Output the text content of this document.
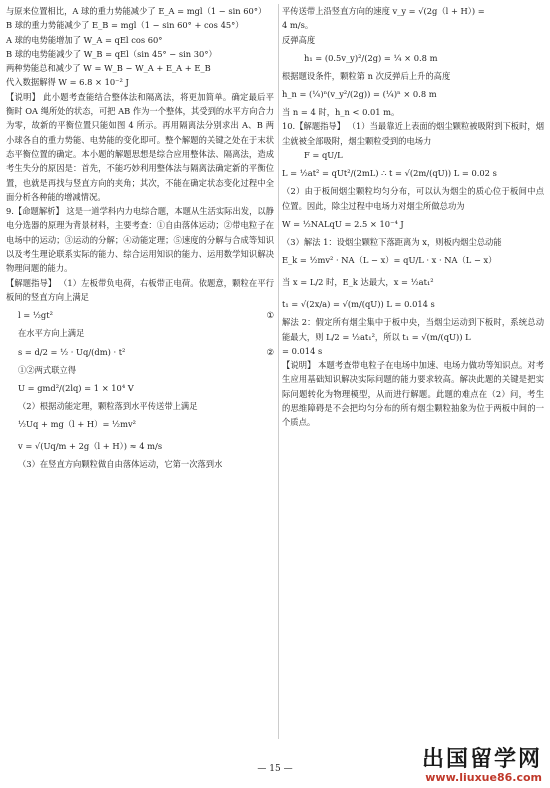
与原来位置相比，A 球的重力势能减少了 E_A = mgl（1 − sin 60°）
B 球的重力势能减少了 E_B = mgl（1 − sin 60° + cos 45°）
A 球的电势能增加了 W_A = qEl cos 60°
B 球的电势能减少了 W_B = qEl（sin 45° − sin 30°）
两种势能总和减少了 W = W_B − W_A + E_A + E_B
代入数据解得 W = 6.8 × 10⁻² J
【说明】 此小题考查能结合整体法和隔离法，将更加简单。确定最后平衡时 OA 绳所处的状态，可把 AB 作为一个整体，其受到的水平方向合力为零，故新的平衡位置只能如图 4 所示。再用隔离法分别求出 A、B 两小球各自的重力势能、电势能的变化即可。整个解题的关键之处在于末状态平衡位置的确定。本小题的解题思想是综合应用整体法、隔离法，造成考生失分的原因是：首先，不能巧妙利用整体法与隔离法确定新的平衡位置，也就是再找与竖直方向的夹角；其次，不能在确定状态变化过程中全面分析各种能的增减情况。
9.【命题解析】 这是一道学科内力电综合题，本题从生活实际出发，以静电分选器的原理为背景材料，主要考查：①自由落体运动；②带电粒子在电场中的运动；③运动的分解；④动能定理；⑤速度的分解与合成等知识以及考生理论联系实际的能力、综合运用知识的能力、运用数学知识解决物理问题的能力。
【解题指导】 （1）左板带负电荷，右板带正电荷。依题意，颗粒在平行板间的竖直方向上满足
l = ½gt²	①
在水平方向上满足
s = d/2 = ½ · Uq/(dm) · t²	②
①②两式联立得
U = gmd²/(2lq) = 1 × 10⁴ V
（2）根据动能定理，颗粒落到水平传送带上满足
½Uq + mg（l + H）= ½mv²
v = √(Uq/m + 2g（l + H）) ≈ 4 m/s
（3）在竖直方向颗粒做自由落体运动，它第一次落到水
平传送带上沿竖直方向的速度 v_y = √(2g（l + H）) =
4 m/s。
反弹高度
h₁ = (0.5v_y)²/(2g) = ¼ × 0.8 m
根据题设条件，颗粒第 n 次反弹后上升的高度
h_n = (¼)ⁿ(v_y²/(2g)) = (¼)ⁿ × 0.8 m
当 n = 4 时，h_n < 0.01 m。
10.【解题指导】 （1）当最靠近上表面的烟尘颗粒被吸附到下板时，烟尘就被全部吸附，烟尘颗粒受到的电场力
F = qU/L
L = ½at² = qUt²/(2mL) ∴ t = √(2m/(qU)) L = 0.02 s
（2）由于板间烟尘颗粒均匀分布，可以认为烟尘的质心位于板间中点位置。因此，除尘过程中电场力对烟尘所做总功为
W = ½NALqU = 2.5 × 10⁻⁴ J
（3）解法 1：设烟尘颗粒下落距离为 x，则板内烟尘总动能
E_k = ½mv² · NA（L − x）= qU/L · x · NA（L − x）
当 x = L/2 时，E_k 达最大，x = ½at₁²
t₁ = √(2x/a) = √(m/(qU)) L = 0.014 s
解法 2：假定所有烟尘集中于板中央，当烟尘运动到下板时，系统总动能最大，则 L/2 = ½at₁²，所以 t₁ = √(m/(qU)) L
= 0.014 s
【说明】 本题考查带电粒子在电场中加速、电场力做功等知识点。对考生应用基础知识解决实际问题的能力要求较高。解决此题的关键是把实际问题转化为物理模型，从而进行解题。此题的难点在（2）问，考生的思维障碍是不会把均匀分布的所有烟尘颗粒抽象为位于两板中间的一个质点。
— 15 —	出国留学网
www.liuxue86.com
